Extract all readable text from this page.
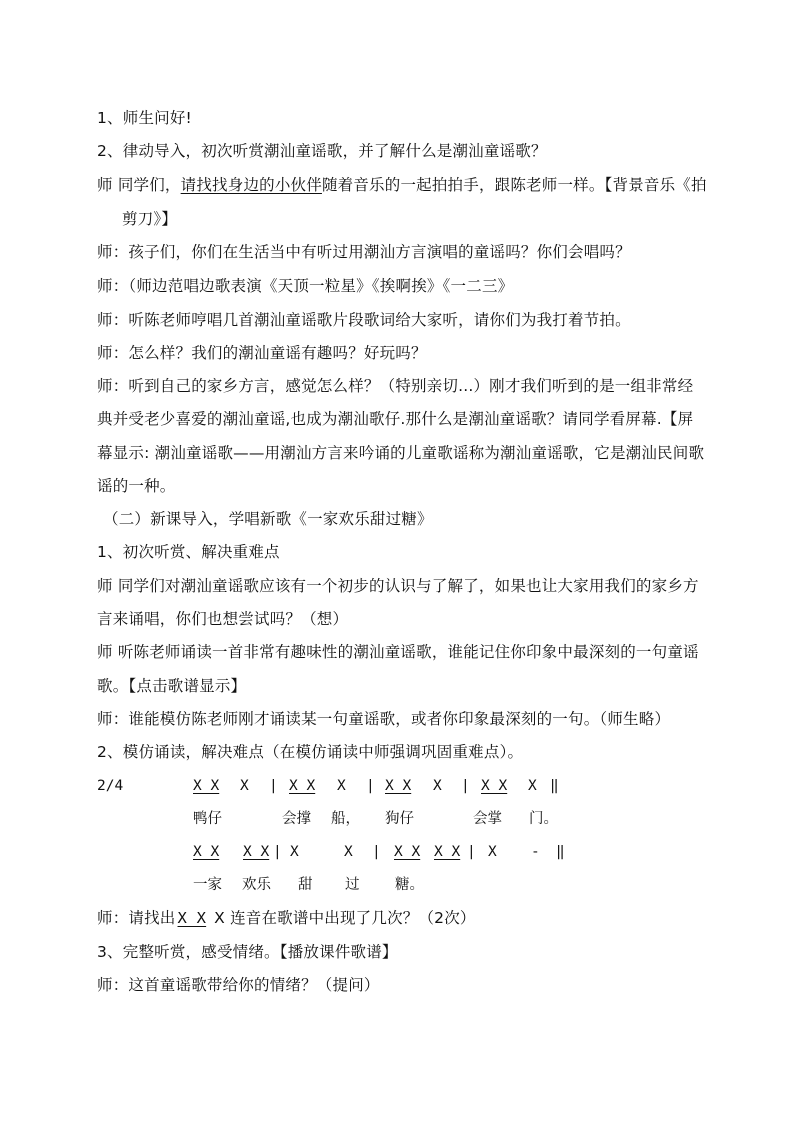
1、师生问好!
2、律动导入，初次听赏潮汕童谣歌，并了解什么是潮汕童谣歌？
师 同学们，请找找身边的小伙伴随着音乐的一起拍拍手，跟陈老师一样。【背景音乐《拍
剪刀》】
师：孩子们，你们在生活当中有听过用潮汕方言演唱的童谣吗？你们会唱吗？
师：（师边范唱边歌表演《天顶一粒星》《挨啊挨》《一二三》
师：听陈老师哼唱几首潮汕童谣歌片段歌词给大家听，请你们为我打着节拍。
师：怎么样？我们的潮汕童谣有趣吗？好玩吗？
师：听到自己的家乡方言，感觉怎么样？（特别亲切...）刚才我们听到的是一组非常经
典并受老少喜爱的潮汕童谣,也成为潮汕歌仔.那什么是潮汕童谣歌？请同学看屏幕.【屏
幕显示: 潮汕童谣歌——用潮汕方言来吟诵的儿童歌谣称为潮汕童谣歌，它是潮汕民间歌
谣的一种。
（二）新课导入，学唱新歌《一家欢乐甜过糖》
1、初次听赏、解决重难点
师 同学们对潮汕童谣歌应该有一个初步的认识与了解了，如果也让大家用我们的家乡方
言来诵唱，你们也想尝试吗？（想）
师 听陈老师诵读一首非常有趣味性的潮汕童谣歌，谁能记住你印象中最深刻的一句童谣
歌。【点击歌谱显示】
师：谁能模仿陈老师刚才诵读某一句童谣歌，或者你印象最深刻的一句。（师生略）
2、模仿诵读，解决难点（在模仿诵读中师强调巩固重难点）。
2/4	X X X | X X X | X X X | X X X ‖
鸭仔	会撑 船， 狗仔	会掌 门。
X X X X | X	X | X X X X | X - ‖
一家 欢乐 甜 过 糖。
师：请找出 X X X 连音在歌谱中出现了几次？（2次）
3、完整听赏，感受情绪。【播放课件歌谱】
师：这首童谣歌带给你的情绪？（提问）
